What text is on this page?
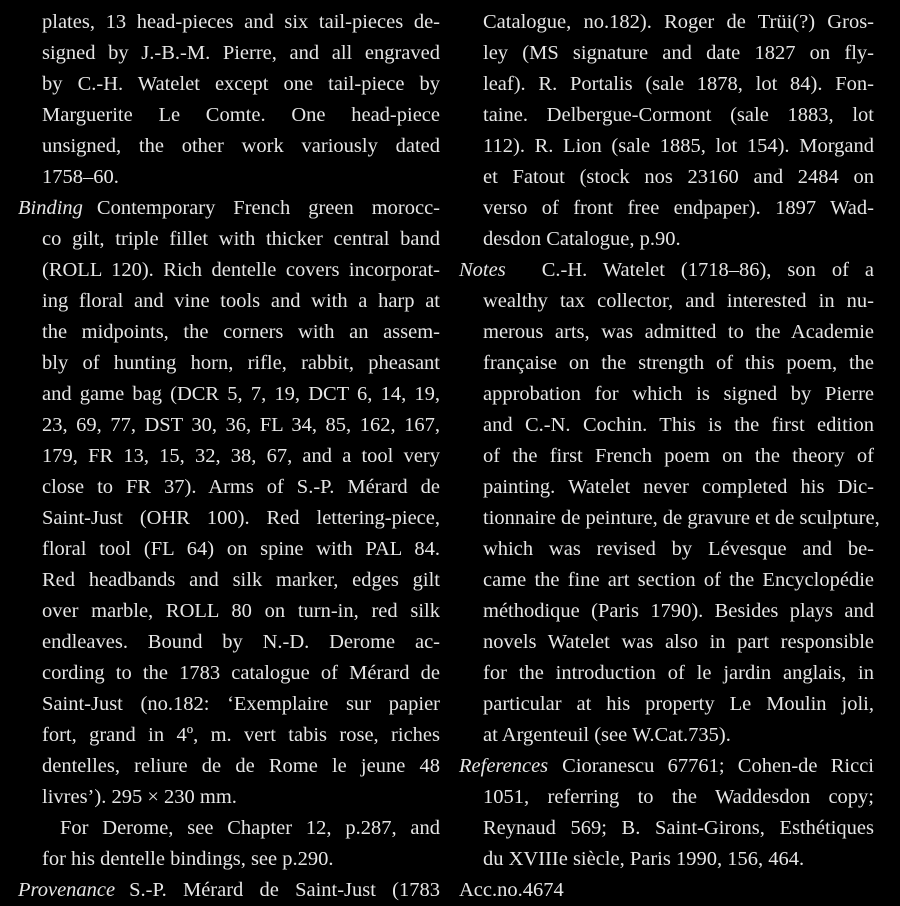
plates, 13 head-pieces and six tail-pieces de-
signed by J.-B.-M. Pierre, and all engraved
by C.-H. Watelet except one tail-piece by
Marguerite Le Comte. One head-piece
unsigned, the other work variously dated
1758–60.
Binding Contemporary French green morocc-
co gilt, triple fillet with thicker central band
(ROLL 120). Rich dentelle covers incorporat-
ing floral and vine tools and with a harp at
the midpoints, the corners with an assem-
bly of hunting horn, rifle, rabbit, pheasant
and game bag (DCR 5, 7, 19, DCT 6, 14, 19,
23, 69, 77, DST 30, 36, FL 34, 85, 162, 167,
179, FR 13, 15, 32, 38, 67, and a tool very
close to FR 37). Arms of S.-P. Mérard de
Saint-Just (OHR 100). Red lettering-piece,
floral tool (FL 64) on spine with PAL 84.
Red headbands and silk marker, edges gilt
over marble, ROLL 80 on turn-in, red silk
endleaves. Bound by N.-D. Derome ac-
cording to the 1783 catalogue of Mérard de
Saint-Just (no.182: ‘Exemplaire sur papier
fort, grand in 4º, m. vert tabis rose, riches
dentelles, reliure de de Rome le jeune 48
livres’). 295 × 230 mm.
For Derome, see Chapter 12, p.287, and
for his dentelle bindings, see p.290.
Provenance S.-P. Mérard de Saint-Just (1783
Catalogue, no.182). Roger de Trüi(?) Gros-
ley (MS signature and date 1827 on fly-
leaf). R. Portalis (sale 1878, lot 84). Fon-
taine. Delbergue-Cormont (sale 1883, lot
112). R. Lion (sale 1885, lot 154). Morgand
et Fatout (stock nos 23160 and 2484 on
verso of front free endpaper). 1897 Wad-
desdon Catalogue, p.90.
Notes C.-H. Watelet (1718–86), son of a
wealthy tax collector, and interested in nu-
merous arts, was admitted to the Academie
française on the strength of this poem, the
approbation for which is signed by Pierre
and C.-N. Cochin. This is the first edition
of the first French poem on the theory of
painting. Watelet never completed his Dic-
tionnaire de peinture, de gravure et de sculpture,
which was revised by Lévesque and be-
came the fine art section of the Encyclopédie
méthodique (Paris 1790). Besides plays and
novels Watelet was also in part responsible
for the introduction of le jardin anglais, in
particular at his property Le Moulin joli,
at Argenteuil (see W.Cat.735).
References Cioranescu 67761; Cohen-de Ricci
1051, referring to the Waddesdon copy;
Reynaud 569; B. Saint-Girons, Esthétiques
du XVIIIe siècle, Paris 1990, 156, 464.
Acc.no.4674
